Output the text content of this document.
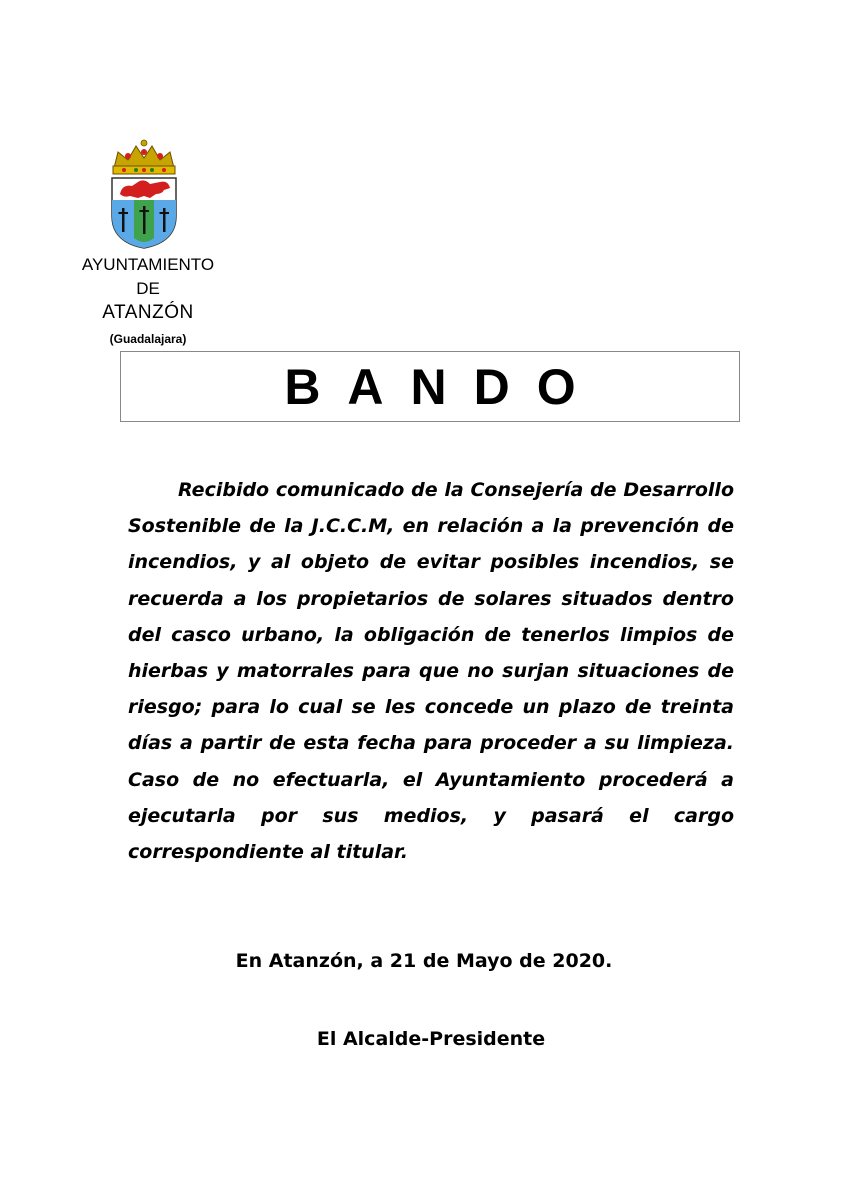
AYUNTAMIENTO
DE
ATANZÓN
(Guadalajara)
BANDO
Recibido comunicado de la Consejería de Desarrollo Sostenible de la J.C.C.M, en relación a la prevención de incendios, y al objeto de evitar posibles incendios, se recuerda a los propietarios de solares situados dentro del casco urbano, la obligación de tenerlos limpios de hierbas y matorrales para que no surjan situaciones de riesgo; para lo cual se les concede un plazo de treinta días a partir de esta fecha para proceder a su limpieza. Caso de no efectuarla, el Ayuntamiento procederá a ejecutarla por sus medios, y pasará el cargo correspondiente al titular.
En Atanzón, a 21 de Mayo de 2020.
El Alcalde-Presidente
